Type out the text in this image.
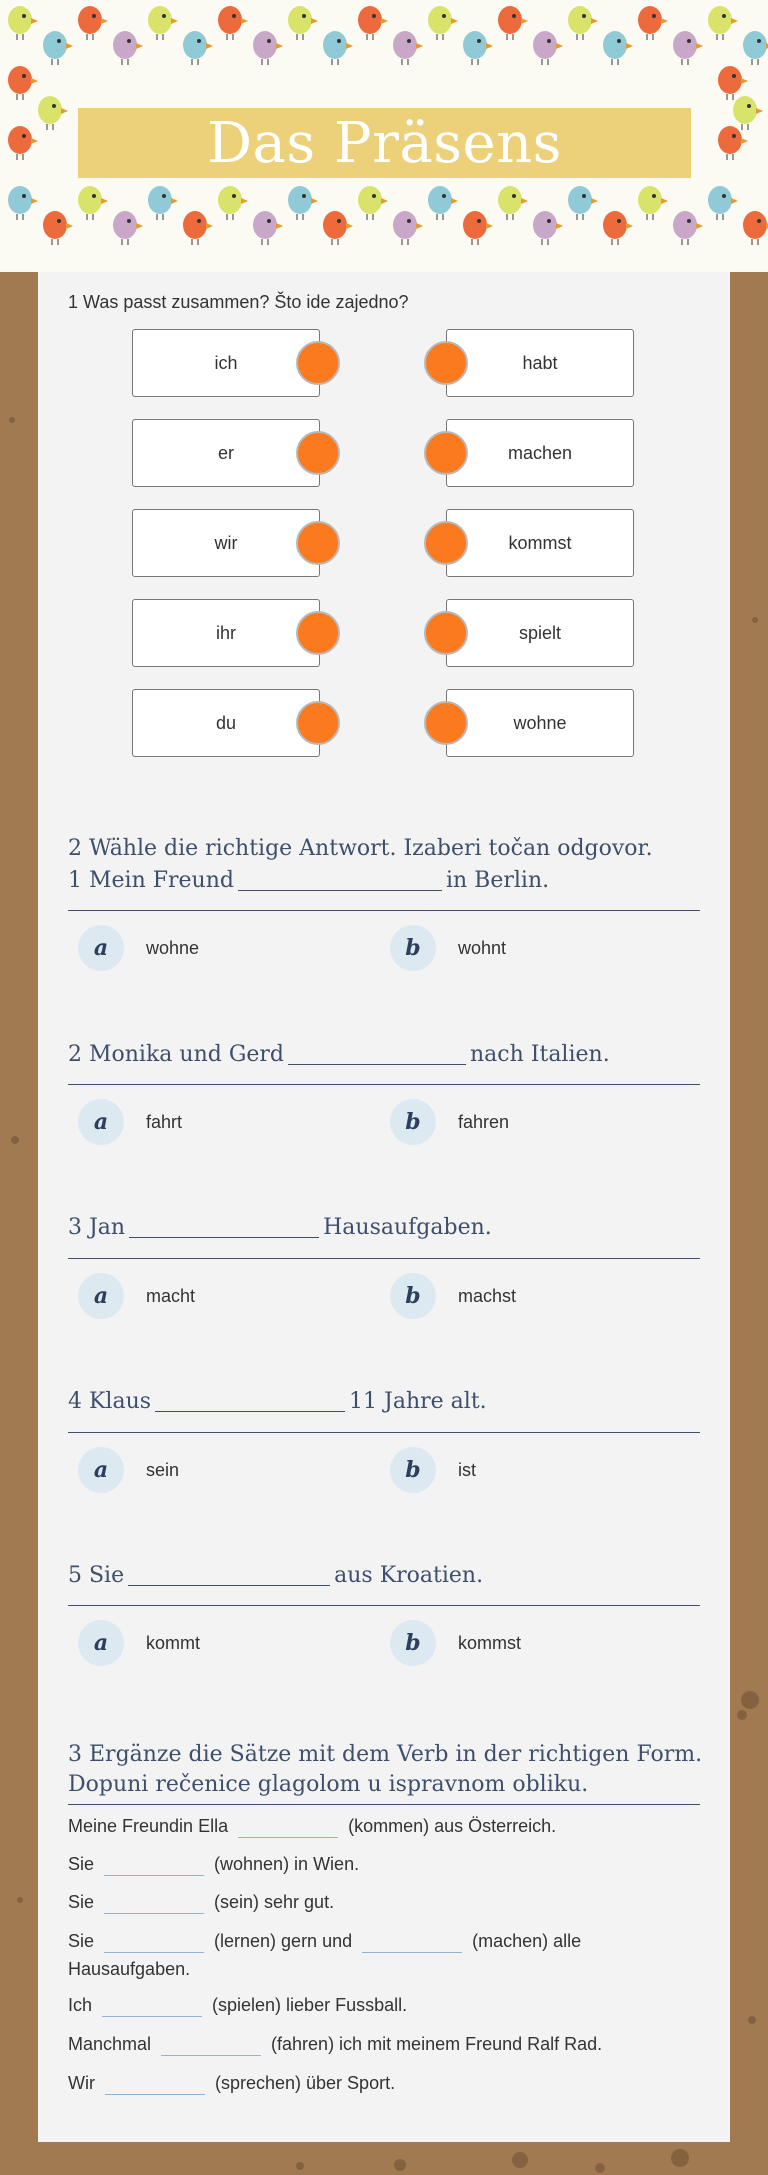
Das Präsens
1 Was passt zusammen? Što ide zajedno?
ich
er
wir
ihr
du
habt
machen
kommst
spielt
wohne
2 Wähle die richtige Antwort. Izaberi točan odgovor.
1 Mein Freund	in Berlin.
a	wohne	b	wohnt
2 Monika und Gerd	nach Italien.
a	fahrt	b	fahren
3 Jan	Hausaufgaben.
a	macht	b	machst
4 Klaus	11 Jahre alt.
a	sein	b	ist
5 Sie	aus Kroatien.
a	kommt	b	kommst
3 Ergänze die Sätze mit dem Verb in der richtigen Form.
Dopuni rečenice glagolom u ispravnom obliku.
Meine Freundin Ella	(kommen) aus Österreich.
Sie	(wohnen) in Wien.
Sie	(sein) sehr gut.
Sie	(lernen) gern und	(machen) alle Hausaufgaben.
Ich	(spielen) lieber Fussball.
Manchmal	(fahren) ich mit meinem Freund Ralf Rad.
Wir	(sprechen) über Sport.
